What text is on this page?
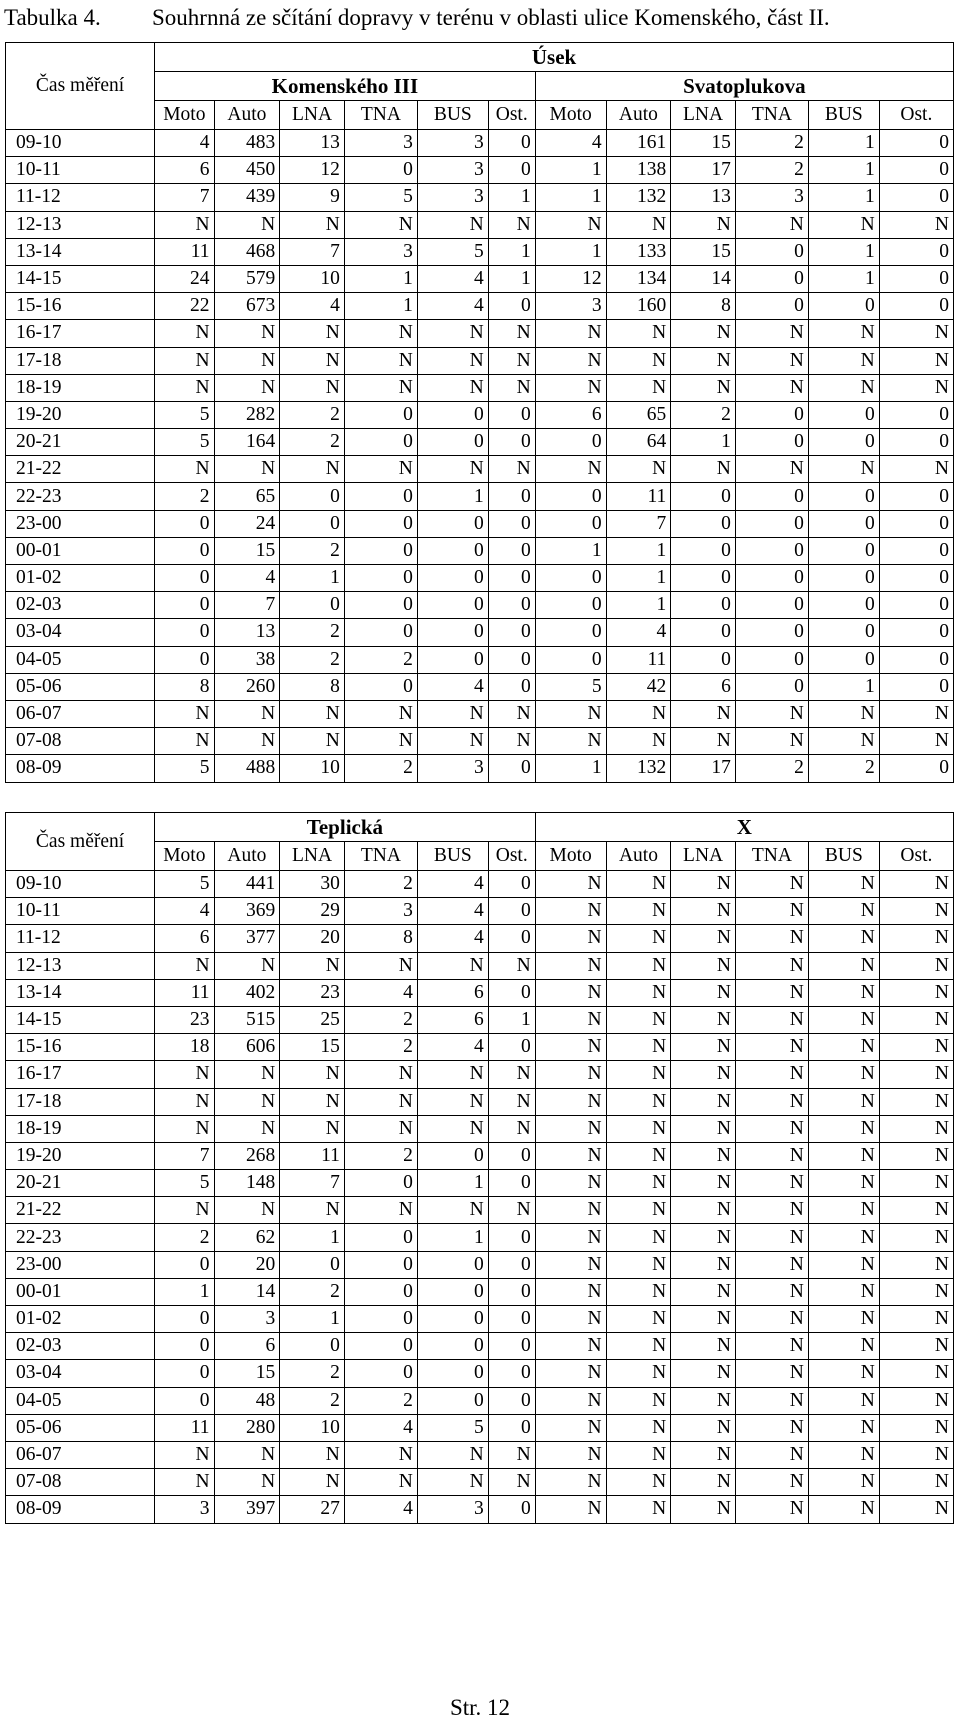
Tabulka 4. Souhrnná ze sčítání dopravy v terénu v oblasti ulice Komenského, část II.
Čas měření	Úsek											
	Komenského III						Svatoplukova					
	Moto	Auto	LNA	TNA	BUS	Ost.	Moto	Auto	LNA	TNA	BUS	Ost.
09-10	4	483	13	3	3	0	4	161	15	2	1	0
10-11	6	450	12	0	3	0	1	138	17	2	1	0
11-12	7	439	9	5	3	1	1	132	13	3	1	0
12-13	N	N	N	N	N	N	N	N	N	N	N	N
13-14	11	468	7	3	5	1	1	133	15	0	1	0
14-15	24	579	10	1	4	1	12	134	14	0	1	0
15-16	22	673	4	1	4	0	3	160	8	0	0	0
16-17	N	N	N	N	N	N	N	N	N	N	N	N
17-18	N	N	N	N	N	N	N	N	N	N	N	N
18-19	N	N	N	N	N	N	N	N	N	N	N	N
19-20	5	282	2	0	0	0	6	65	2	0	0	0
20-21	5	164	2	0	0	0	0	64	1	0	0	0
21-22	N	N	N	N	N	N	N	N	N	N	N	N
22-23	2	65	0	0	1	0	0	11	0	0	0	0
23-00	0	24	0	0	0	0	0	7	0	0	0	0
00-01	0	15	2	0	0	0	1	1	0	0	0	0
01-02	0	4	1	0	0	0	0	1	0	0	0	0
02-03	0	7	0	0	0	0	0	1	0	0	0	0
03-04	0	13	2	0	0	0	0	4	0	0	0	0
04-05	0	38	2	2	0	0	0	11	0	0	0	0
05-06	8	260	8	0	4	0	5	42	6	0	1	0
06-07	N	N	N	N	N	N	N	N	N	N	N	N
07-08	N	N	N	N	N	N	N	N	N	N	N	N
08-09	5	488	10	2	3	0	1	132	17	2	2	0
Čas měření	Teplická						X					
	Moto	Auto	LNA	TNA	BUS	Ost.	Moto	Auto	LNA	TNA	BUS	Ost.
09-10	5	441	30	2	4	0	N	N	N	N	N	N
10-11	4	369	29	3	4	0	N	N	N	N	N	N
11-12	6	377	20	8	4	0	N	N	N	N	N	N
12-13	N	N	N	N	N	N	N	N	N	N	N	N
13-14	11	402	23	4	6	0	N	N	N	N	N	N
14-15	23	515	25	2	6	1	N	N	N	N	N	N
15-16	18	606	15	2	4	0	N	N	N	N	N	N
16-17	N	N	N	N	N	N	N	N	N	N	N	N
17-18	N	N	N	N	N	N	N	N	N	N	N	N
18-19	N	N	N	N	N	N	N	N	N	N	N	N
19-20	7	268	11	2	0	0	N	N	N	N	N	N
20-21	5	148	7	0	1	0	N	N	N	N	N	N
21-22	N	N	N	N	N	N	N	N	N	N	N	N
22-23	2	62	1	0	1	0	N	N	N	N	N	N
23-00	0	20	0	0	0	0	N	N	N	N	N	N
00-01	1	14	2	0	0	0	N	N	N	N	N	N
01-02	0	3	1	0	0	0	N	N	N	N	N	N
02-03	0	6	0	0	0	0	N	N	N	N	N	N
03-04	0	15	2	0	0	0	N	N	N	N	N	N
04-05	0	48	2	2	0	0	N	N	N	N	N	N
05-06	11	280	10	4	5	0	N	N	N	N	N	N
06-07	N	N	N	N	N	N	N	N	N	N	N	N
07-08	N	N	N	N	N	N	N	N	N	N	N	N
08-09	3	397	27	4	3	0	N	N	N	N	N	N
Str. 12
